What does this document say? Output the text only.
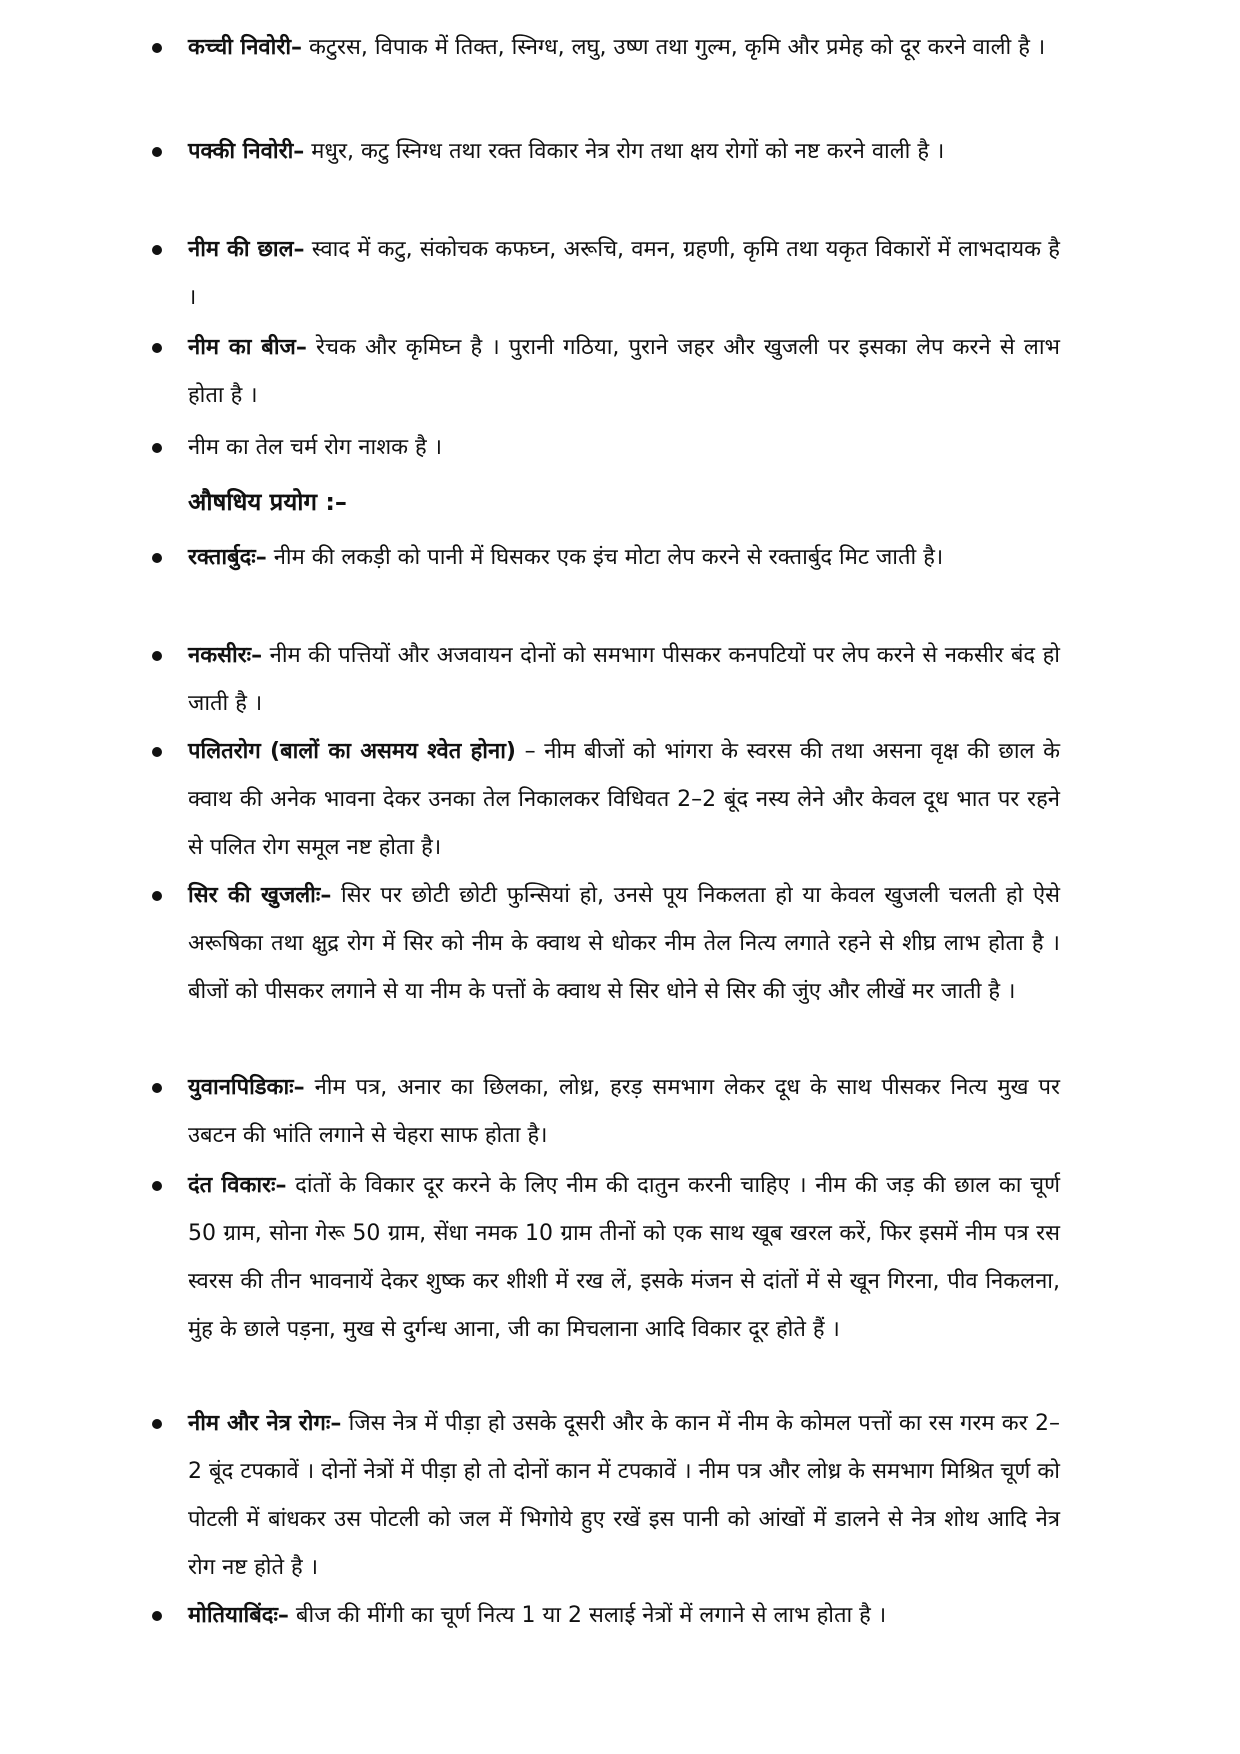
कच्ची निवोरी– कटुरस, विपाक में तिक्त, स्निग्ध, लघु, उष्ण तथा गुल्म, कृमि और प्रमेह को दूर करने वाली है ।
पक्की निवोरी– मधुर, कटु स्निग्ध तथा रक्त विकार नेत्र रोग तथा क्षय रोगों को नष्ट करने वाली है ।
नीम की छाल– स्वाद में कटु, संकोचक कफघ्न, अरूचि, वमन, ग्रहणी, कृमि तथा यकृत विकारों में लाभदायक है ।
नीम का बीज– रेचक और कृमिघ्न है । पुरानी गठिया, पुराने जहर और खुजली पर इसका लेप करने से लाभ होता है ।
नीम का तेल चर्म रोग नाशक है ।
औषधिय प्रयोग :–
रक्तार्बुदः– नीम की लकड़ी को पानी में घिसकर एक इंच मोटा लेप करने से रक्तार्बुद मिट जाती है।
नकसीरः– नीम की पत्तियों और अजवायन दोनों को समभाग पीसकर कनपटियों पर लेप करने से नकसीर बंद हो जाती है ।
पलितरोग (बालों का असमय श्वेत होना) – नीम बीजों को भांगरा के स्वरस की तथा असना वृक्ष की छाल के क्वाथ की अनेक भावना देकर उनका तेल निकालकर विधिवत 2–2 बूंद नस्य लेने और केवल दूध भात पर रहने से पलित रोग समूल नष्ट होता है।
सिर की खुजलीः– सिर पर छोटी छोटी फुन्सियां हो, उनसे पूय निकलता हो या केवल खुजली चलती हो ऐसे अरूषिका तथा क्षुद्र रोग में सिर को नीम के क्वाथ से धोकर नीम तेल नित्य लगाते रहने से शीघ्र लाभ होता है । बीजों को पीसकर लगाने से या नीम के पत्तों के क्वाथ से सिर धोने से सिर की जुंए और लीखें मर जाती है ।
युवानपिडिकाः– नीम पत्र, अनार का छिलका, लोध्र, हरड़ समभाग लेकर दूध के साथ पीसकर नित्य मुख पर उबटन की भांति लगाने से चेहरा साफ होता है।
दंत विकारः– दांतों के विकार दूर करने के लिए नीम की दातुन करनी चाहिए । नीम की जड़ की छाल का चूर्ण 50 ग्राम, सोना गेरू 50 ग्राम, सेंधा नमक 10 ग्राम तीनों को एक साथ खूब खरल करें, फिर इसमें नीम पत्र रस स्वरस की तीन भावनायें देकर शुष्क कर शीशी में रख लें, इसके मंजन से दांतों में से खून गिरना, पीव निकलना, मुंह के छाले पड़ना, मुख से दुर्गन्ध आना, जी का मिचलाना आदि विकार दूर होते हैं ।
नीम और नेत्र रोगः– जिस नेत्र में पीड़ा हो उसके दूसरी और के कान में नीम के कोमल पत्तों का रस गरम कर 2–2 बूंद टपकावें । दोनों नेत्रों में पीड़ा हो तो दोनों कान में टपकावें । नीम पत्र और लोध्र के समभाग मिश्रित चूर्ण को पोटली में बांधकर उस पोटली को जल में भिगोये हुए रखें इस पानी को आंखों में डालने से नेत्र शोथ आदि नेत्र रोग नष्ट होते है ।
मोतियाबिंदः– बीज की मींगी का चूर्ण नित्य 1 या 2 सलाई नेत्रों में लगाने से लाभ होता है ।
